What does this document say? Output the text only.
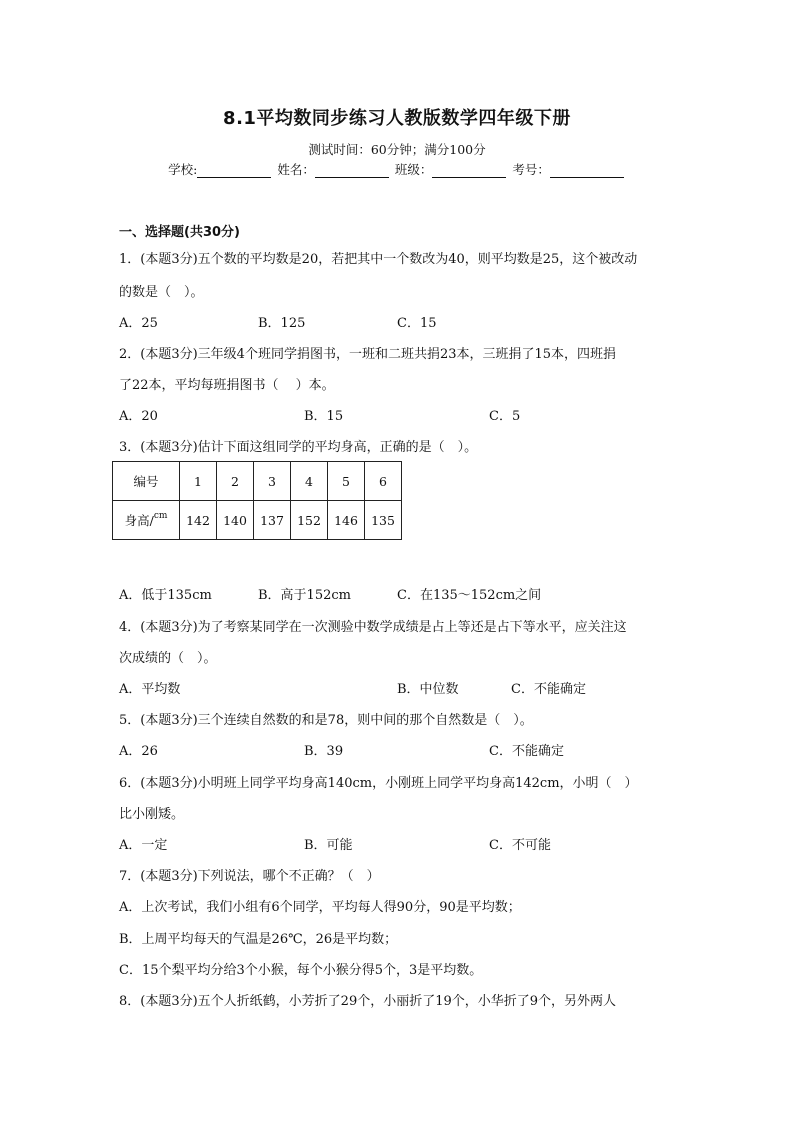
8.1平均数同步练习人教版数学四年级下册
测试时间：60分钟；满分100分
学校:	姓名：	班级：	考号：
一、选择题(共30分)
1．(本题3分)五个数的平均数是20，若把其中一个数改为40，则平均数是25，这个被改动
的数是（　）。
A．25	B．125	C．15
2．(本题3分)三年级4个班同学捐图书，一班和二班共捐23本，三班捐了15本，四班捐
了22本，平均每班捐图书（　 ）本。
A．20	B．15	C．5
3．(本题3分)估计下面这组同学的平均身高，正确的是（　）。
编号	1	2	3	4	5	6
身高/$^{cm}$	142	140	137	152	146	135
A．低于135cm	B．高于152cm	C．在135～152cm之间
4．(本题3分)为了考察某同学在一次测验中数学成绩是占上等还是占下等水平，应关注这
次成绩的（　）。
A．平均数	B．中位数	C．不能确定
5．(本题3分)三个连续自然数的和是78，则中间的那个自然数是（　）。
A．26	B．39	C．不能确定
6．(本题3分)小明班上同学平均身高140cm，小刚班上同学平均身高142cm，小明（　）
比小刚矮。
A．一定	B．可能	C．不可能
7．(本题3分)下列说法，哪个不正确？（　）
A．上次考试，我们小组有6个同学，平均每人得90分，90是平均数；
B．上周平均每天的气温是26℃，26是平均数；
C．15个梨平均分给3个小猴，每个小猴分得5个，3是平均数。
8．(本题3分)五个人折纸鹤，小芳折了29个，小丽折了19个，小华折了9个，另外两人
